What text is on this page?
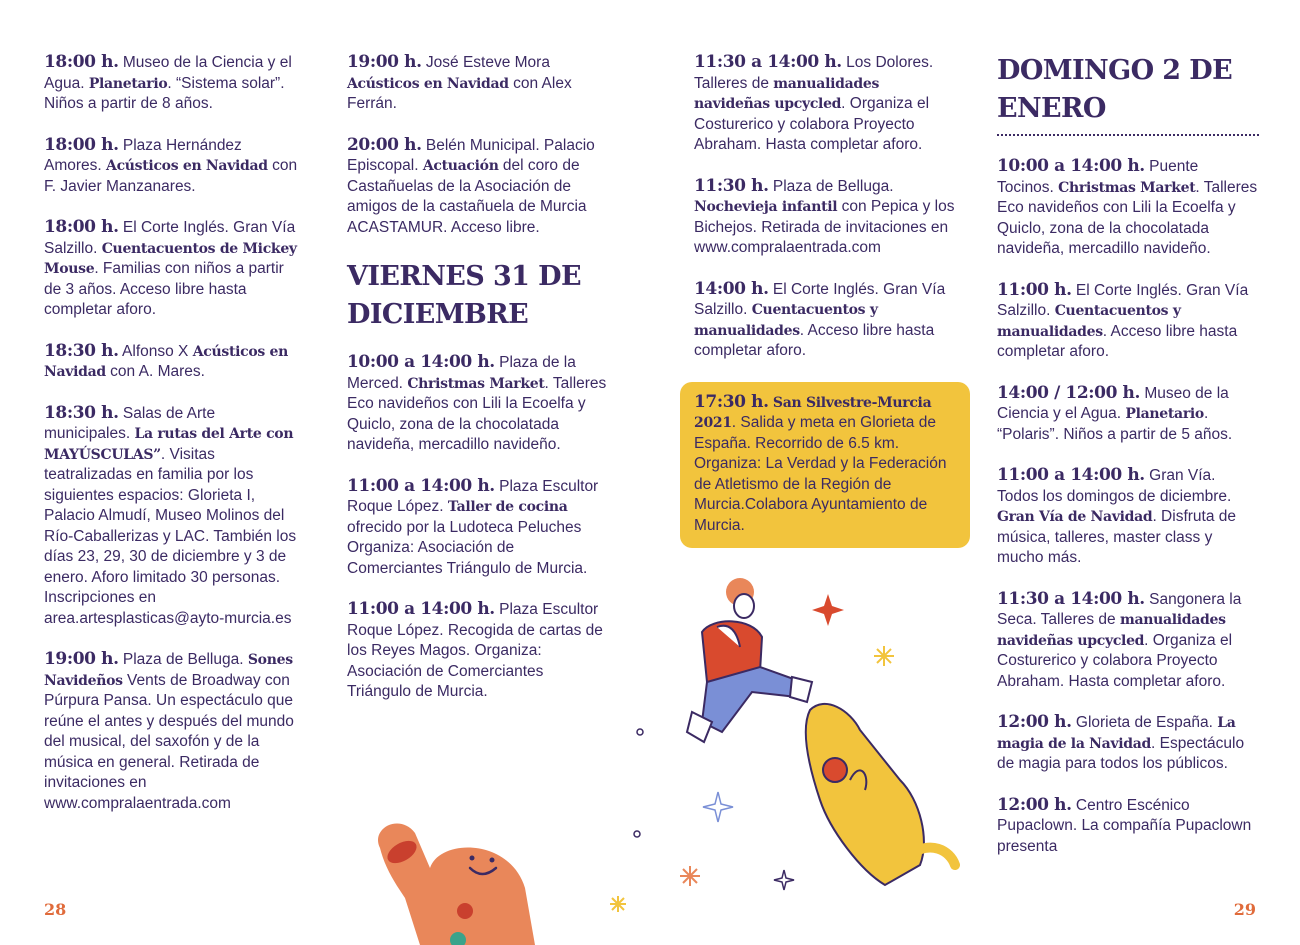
18:00 h. Museo de la Ciencia y el Agua. Planetario. “Sistema solar”. Niños a partir de 8 años.

18:00 h. Plaza Hernández Amores. Acústicos en Navidad con F. Javier Manzanares.

18:00 h. El Corte Inglés. Gran Vía Salzillo. Cuentacuentos de Mickey Mouse. Familias con niños a partir de 3 años. Acceso libre hasta completar aforo.

18:30 h. Alfonso X Acústicos en Navidad con A. Mares.

18:30 h. Salas de Arte municipales. La rutas del Arte con MAYÚSCULAS”. Visitas teatralizadas en familia por los siguientes espacios: Glorieta I, Palacio Almudí, Museo Molinos del Río-Caballerizas y LAC. También los días 23, 29, 30 de diciembre y 3 de enero. Aforo limitado 30 personas. Inscripciones en area.artesplasticas@ayto-murcia.es

19:00 h. Plaza de Belluga. Sones Navideños Vents de Broadway con Púrpura Pansa. Un espectáculo que reúne el antes y después del mundo del musical, del saxofón y de la música en general. Retirada de invitaciones en www.compralaentrada.com

19:00 h. José Esteve Mora Acústicos en Navidad con Alex Ferrán.

20:00 h. Belén Municipal. Palacio Episcopal. Actuación del coro de Castañuelas de la Asociación de amigos de la castañuela de Murcia ACASTAMUR. Acceso libre.

VIERNES 31 DE DICIEMBRE

10:00 a 14:00 h. Plaza de la Merced. Christmas Market. Talleres Eco navideños con Lili la Ecoelfa y Quiclo, zona de la chocolatada navideña, mercadillo navideño.

11:00 a 14:00 h. Plaza Escultor Roque López. Taller de cocina ofrecido por la Ludoteca Peluches Organiza: Asociación de Comerciantes Triángulo de Murcia.

11:00 a 14:00 h. Plaza Escultor Roque López. Recogida de cartas de los Reyes Magos. Organiza: Asociación de Comerciantes Triángulo de Murcia.

11:30 a 14:00 h. Los Dolores. Talleres de manualidades navideñas upcycled. Organiza el Costurerico y colabora Proyecto Abraham. Hasta completar aforo.

11:30 h. Plaza de Belluga. Nochevieja infantil con Pepica y los Bichejos. Retirada de invitaciones en www.compralaentrada.com

14:00 h. El Corte Inglés. Gran Vía Salzillo. Cuentacuentos y manualidades. Acceso libre hasta completar aforo.

17:30 h. San Silvestre-Murcia 2021. Salida y meta en Glorieta de España. Recorrido de 6.5 km. Organiza: La Verdad y la Federación de Atletismo de la Región de Murcia.Colabora Ayuntamiento de Murcia.

DOMINGO 2 DE ENERO

10:00 a 14:00 h. Puente Tocinos. Christmas Market. Talleres Eco navideños con Lili la Ecoelfa y Quiclo, zona de la chocolatada navideña, mercadillo navideño.

11:00 h. El Corte Inglés. Gran Vía Salzillo. Cuentacuentos y manualidades. Acceso libre hasta completar aforo.

14:00 / 12:00 h. Museo de la Ciencia y el Agua. Planetario. “Polaris”. Niños a partir de 5 años.

11:00 a 14:00 h. Gran Vía. Todos los domingos de diciembre. Gran Vía de Navidad. Disfruta de música, talleres, master class y mucho más.

11:30 a 14:00 h. Sangonera la Seca. Talleres de manualidades navideñas upcycled. Organiza el Costurerico y colabora Proyecto Abraham. Hasta completar aforo.

12:00 h. Glorieta de España. La magia de la Navidad. Espectáculo de magia para todos los públicos.

12:00 h. Centro Escénico Pupaclown. La compañía Pupaclown presenta

28	29
